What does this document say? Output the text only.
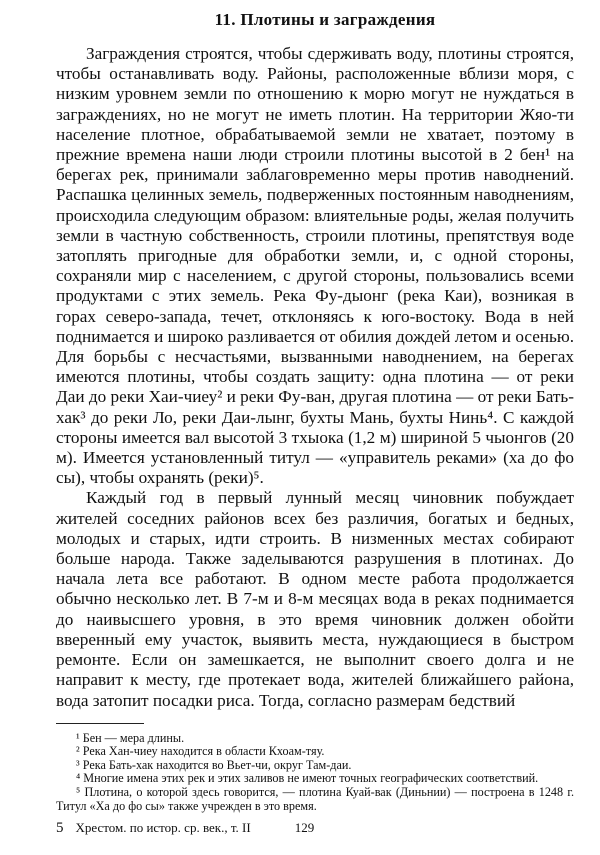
11. Плотины и заграждения

Заграждения строятся, чтобы сдерживать воду, плотины строятся, чтобы останавливать воду. Районы, расположенные вблизи моря, с низким уровнем земли по отношению к морю могут не нуждаться в заграждениях, но не могут не иметь плотин. На территории Жяо-ти население плотное, обрабатываемой земли не хватает, поэтому в прежние времена наши люди строили плотины высотой в 2 бен¹ на берегах рек, принимали заблаговременно меры против наводнений. Распашка целинных земель, подверженных постоянным наводнениям, происходила следующим образом: влиятельные роды, желая получить земли в частную собственность, строили плотины, препятствуя воде затоплять пригодные для обработки земли, и, с одной стороны, сохраняли мир с населением, с другой стороны, пользовались всеми продуктами с этих земель. Река Фу-дыонг (река Каи), возникая в горах северо-запада, течет, отклоняясь к юго-востоку. Вода в ней поднимается и широко разливается от обилия дождей летом и осенью. Для борьбы с несчастьями, вызванными наводнением, на берегах имеются плотины, чтобы создать защиту: одна плотина — от реки Даи до реки Хаи-чиеу² и реки Фу-ван, другая плотина — от реки Бать-хак³ до реки Ло, реки Даи-лынг, бухты Мань, бухты Нинь⁴. С каждой стороны имеется вал высотой 3 тхыока (1,2 м) шириной 5 чыонгов (20 м). Имеется установленный титул — «управитель реками» (ха до фо сы), чтобы охранять (реки)⁵.

Каждый год в первый лунный месяц чиновник побуждает жителей соседних районов всех без различия, богатых и бедных, молодых и старых, идти строить. В низменных местах собирают больше народа. Также заделываются разрушения в плотинах. До начала лета все работают. В одном месте работа продолжается обычно несколько лет. В 7-м и 8-м месяцах вода в реках поднимается до наивысшего уровня, в это время чиновник должен обойти вверенный ему участок, выявить места, нуждающиеся в быстром ремонте. Если он замешкается, не выполнит своего долга и не направит к месту, где протекает вода, жителей ближайшего района, вода затопит посадки риса. Тогда, согласно размерам бедствий

¹ Бен — мера длины.

² Река Хан-чиеу находится в области Кхоам-тяу.

³ Река Бать-хак находится во Вьет-чи, округ Там-даи.

⁴ Многие имена этих рек и этих заливов не имеют точных географических соответствий.

⁵ Плотина, о которой здесь говорится, — плотина Куай-вак (Диньнии) — построена в 1248 г. Титул «Ха до фо сы» также учрежден в это время.

5 Хрестом. по истор. ср. век., т. II	129
